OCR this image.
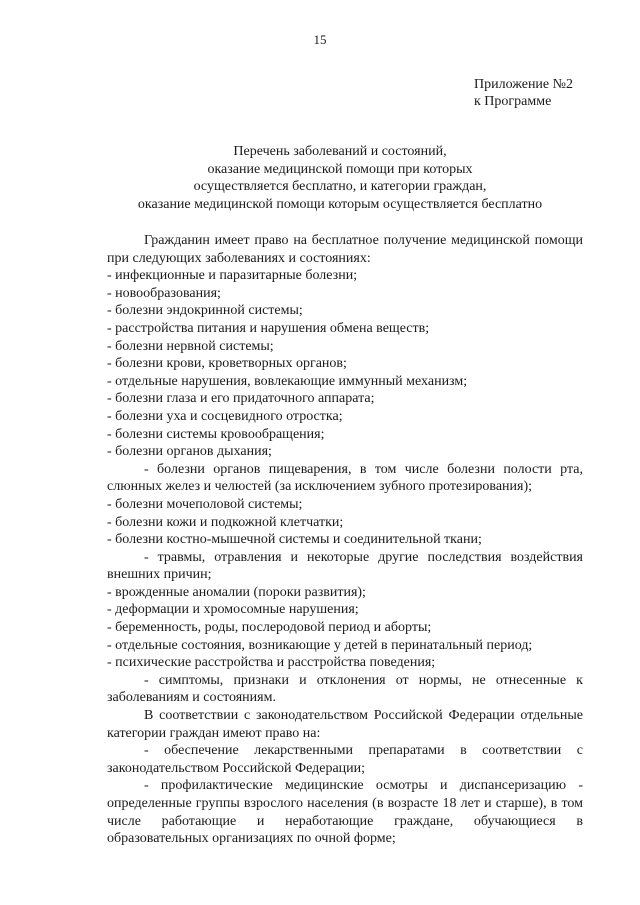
15
Приложение №2
к Программе
Перечень заболеваний и состояний,
оказание медицинской помощи при которых
осуществляется бесплатно, и категории граждан,
оказание медицинской помощи которым осуществляется бесплатно

Гражданин имеет право на бесплатное получение медицинской помощи при следующих заболеваниях и состояниях:

- инфекционные и паразитарные болезни;

- новообразования;

- болезни эндокринной системы;

- расстройства питания и нарушения обмена веществ;

- болезни нервной системы;

- болезни крови, кроветворных органов;

- отдельные нарушения, вовлекающие иммунный механизм;

- болезни глаза и его придаточного аппарата;

- болезни уха и сосцевидного отростка;

- болезни системы кровообращения;

- болезни органов дыхания;

- болезни органов пищеварения, в том числе болезни полости рта, слюнных желез и челюстей (за исключением зубного протезирования);

- болезни мочеполовой системы;

- болезни кожи и подкожной клетчатки;

- болезни костно-мышечной системы и соединительной ткани;

- травмы, отравления и некоторые другие последствия воздействия внешних причин;

- врожденные аномалии (пороки развития);

- деформации и хромосомные нарушения;

- беременность, роды, послеродовой период и аборты;

- отдельные состояния, возникающие у детей в перинатальный период;

- психические расстройства и расстройства поведения;

- симптомы, признаки и отклонения от нормы, не отнесенные к заболеваниям и состояниям.

В соответствии с законодательством Российской Федерации отдельные категории граждан имеют право на:

- обеспечение лекарственными препаратами в соответствии с законодательством Российской Федерации;

- профилактические медицинские осмотры и диспансеризацию - определенные группы взрослого населения (в возрасте 18 лет и старше), в том числе работающие и неработающие граждане, обучающиеся в образовательных организациях по очной форме;
